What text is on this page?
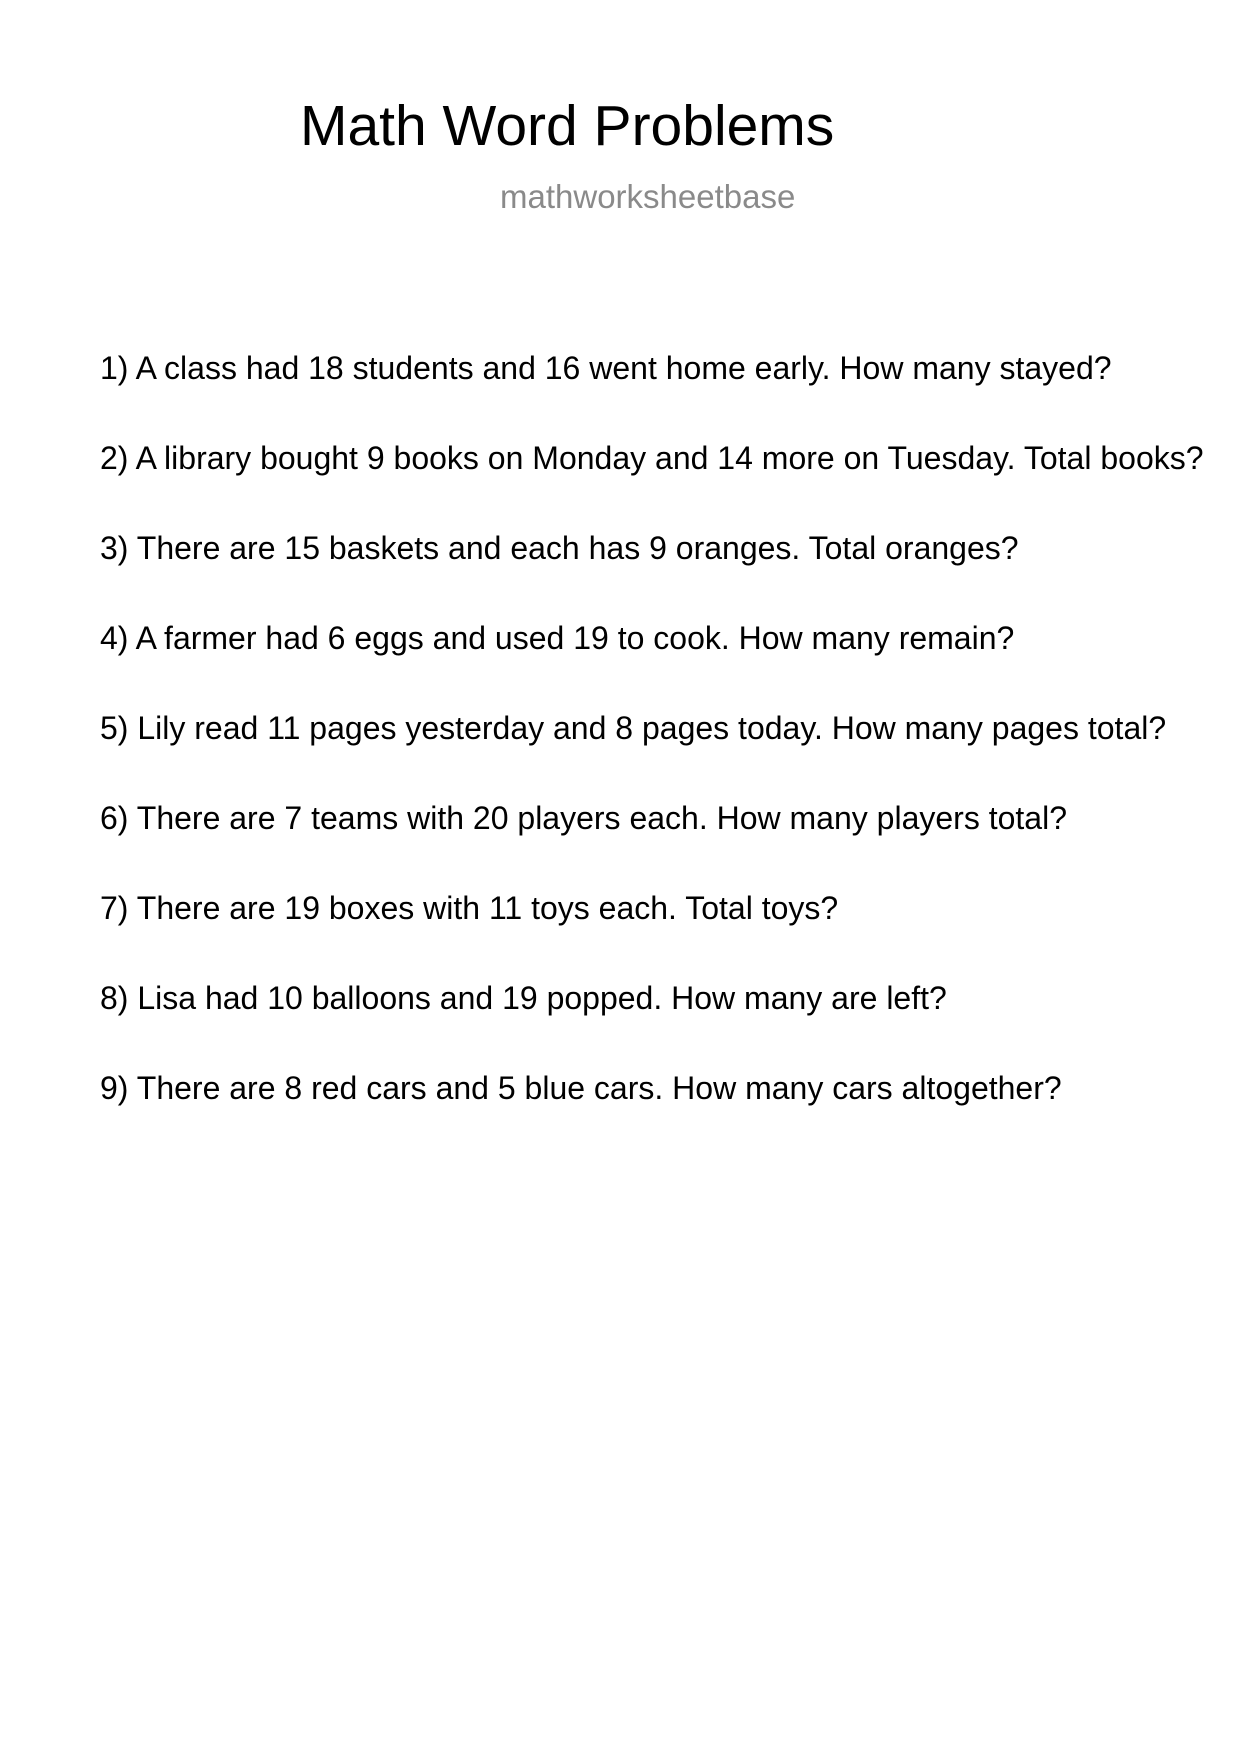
Math Word Problems
mathworksheetbase
1) A class had 18 students and 16 went home early. How many stayed?
2) A library bought 9 books on Monday and 14 more on Tuesday. Total books?
3) There are 15 baskets and each has 9 oranges. Total oranges?
4) A farmer had 6 eggs and used 19 to cook. How many remain?
5) Lily read 11 pages yesterday and 8 pages today. How many pages total?
6) There are 7 teams with 20 players each. How many players total?
7) There are 19 boxes with 11 toys each. Total toys?
8) Lisa had 10 balloons and 19 popped. How many are left?
9) There are 8 red cars and 5 blue cars. How many cars altogether?
